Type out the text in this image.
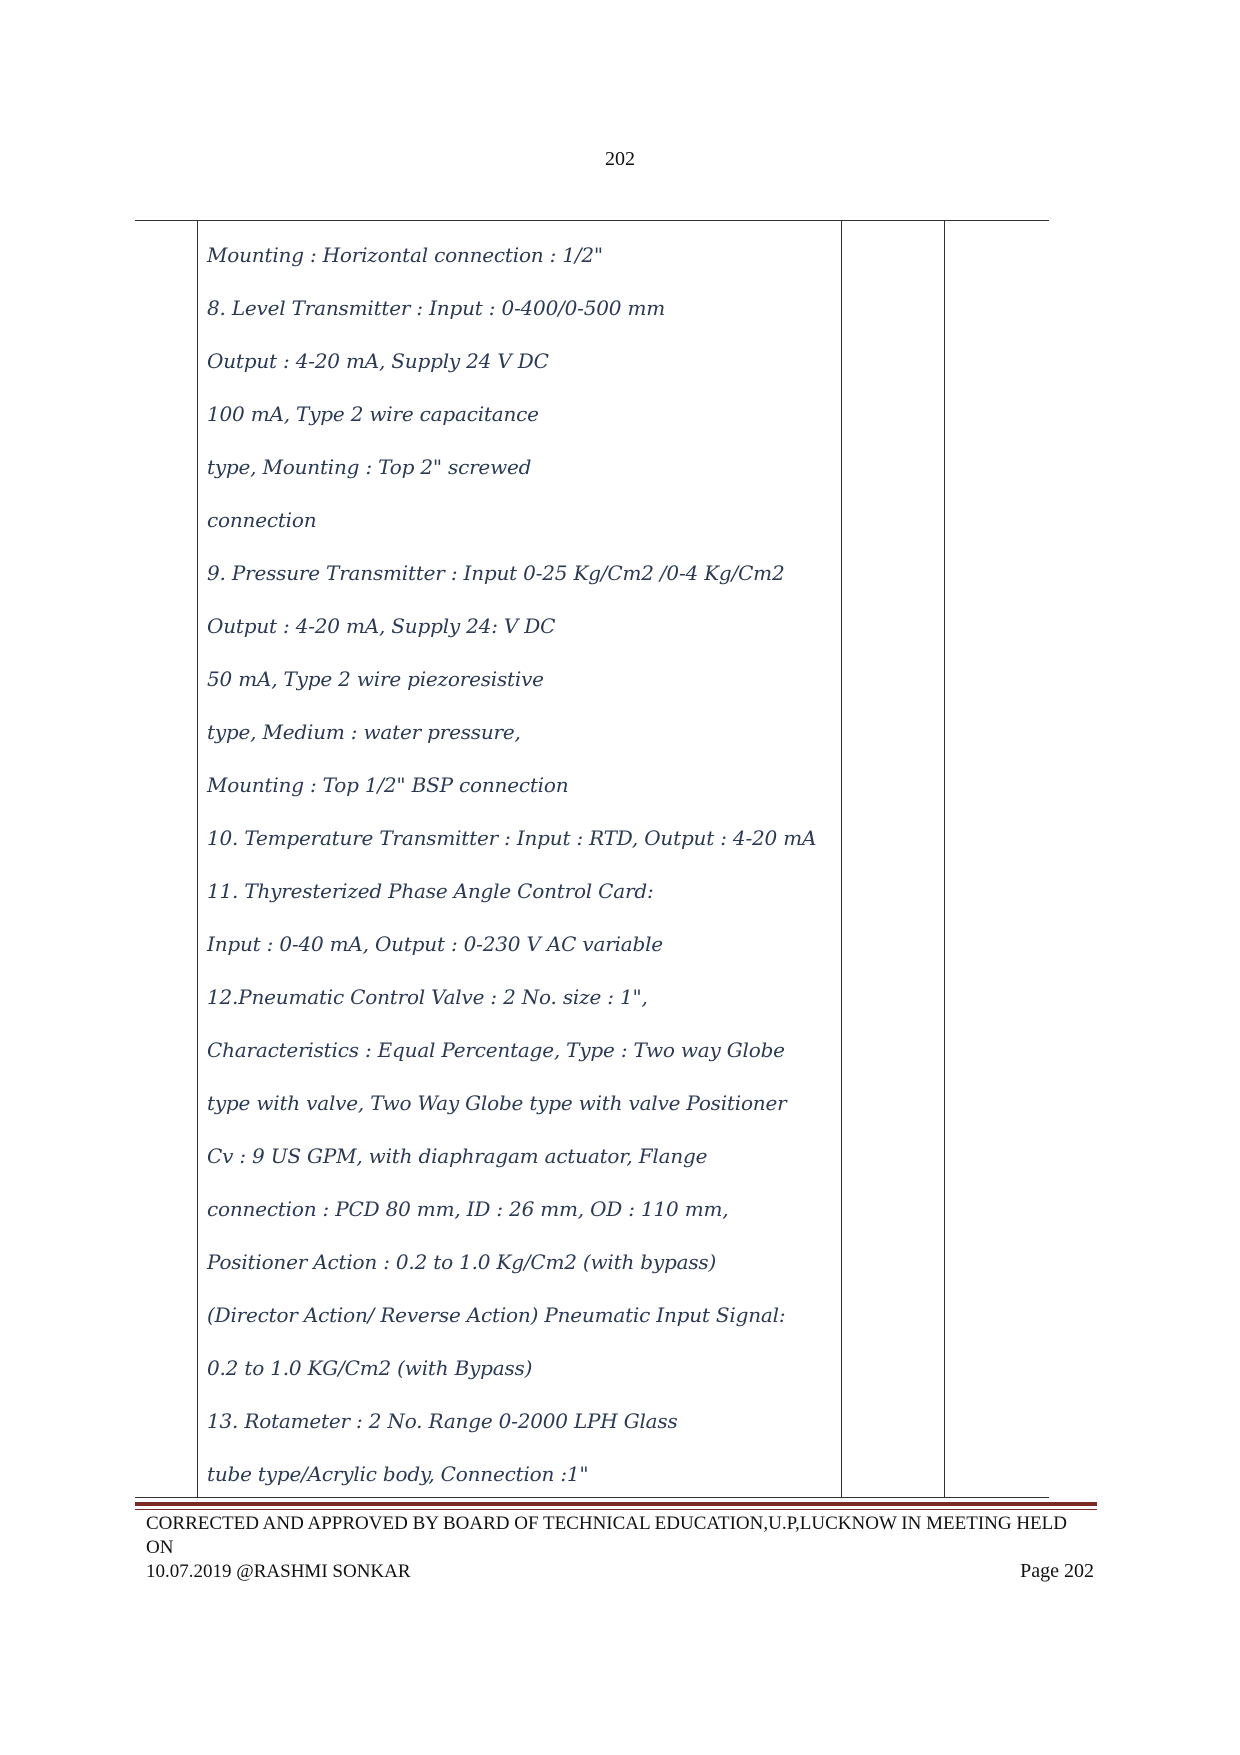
202
Mounting : Horizontal connection : 1/2"
8. Level Transmitter : Input : 0-400/0-500 mm
Output : 4-20 mA, Supply 24 V DC
100 mA, Type 2 wire capacitance
type, Mounting : Top 2" screwed
connection
9. Pressure Transmitter : Input 0-25 Kg/Cm2 /0-4 Kg/Cm2
Output : 4-20 mA, Supply 24: V DC
50 mA, Type 2 wire piezoresistive
type, Medium : water pressure,
Mounting : Top 1/2" BSP connection
10. Temperature Transmitter : Input : RTD, Output : 4-20 mA
11. Thyresterized Phase Angle Control Card:
Input : 0-40 mA, Output : 0-230 V AC variable
12.Pneumatic Control Valve : 2 No. size : 1",
Characteristics : Equal Percentage, Type : Two way Globe
type with valve, Two Way Globe type with valve Positioner
Cv : 9 US GPM, with diaphragam actuator, Flange
connection : PCD 80 mm, ID : 26 mm, OD : 110 mm,
Positioner Action : 0.2 to 1.0 Kg/Cm2 (with bypass)
(Director Action/ Reverse Action) Pneumatic Input Signal:
0.2 to 1.0 KG/Cm2 (with Bypass)
13. Rotameter : 2 No. Range 0-2000 LPH Glass
tube type/Acrylic body, Connection :1"
CORRECTED AND APPROVED BY BOARD OF TECHNICAL EDUCATION,U.P,LUCKNOW IN MEETING HELD ON
10.07.2019 @RASHMI SONKAR	Page 202
